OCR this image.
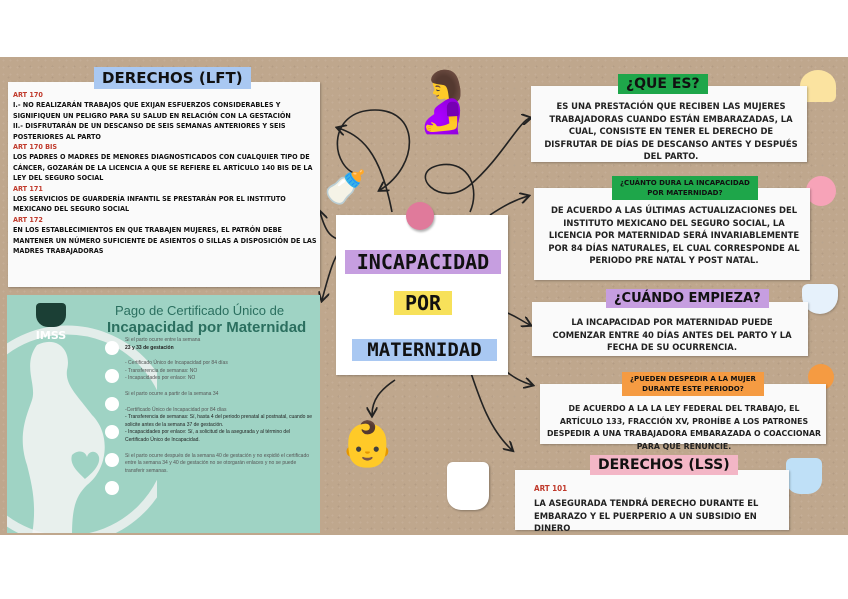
DERECHOS (LFT)

ART 170

I.- NO REALIZARÁN TRABAJOS QUE EXIJAN ESFUERZOS CONSIDERABLES Y SIGNIFIQUEN UN PELIGRO PARA SU SALUD EN RELACIÓN CON LA GESTACIÓN

II.- DISFRUTARÁN DE UN DESCANSO DE SEIS SEMANAS ANTERIORES Y SEIS POSTERIORES AL PARTO

ART 170 BIS

LOS PADRES O MADRES DE MENORES DIAGNOSTICADOS CON CUALQUIER TIPO DE CÁNCER, GOZARÁN DE LA LICENCIA A QUE SE REFIERE EL ARTÍCULO 140 BIS DE LA LEY DEL SEGURO SOCIAL

ART 171

LOS SERVICIOS DE GUARDERÍA INFANTIL SE PRESTARÁN POR EL INSTITUTO MEXICANO DEL SEGURO SOCIAL

ART 172

EN LOS ESTABLECIMIENTOS EN QUE TRABAJEN MUJERES, EL PATRÓN DEBE MANTENER UN NÚMERO SUFICIENTE DE ASIENTOS O SILLAS A DISPOSICIÓN DE LAS MADRES TRABAJADORAS

IMSS
Pago de Certificado Único de
Incapacidad por Maternidad
Si el parto ocurre entre la semana
23 y 33 de gestación
- Certificado Único de Incapacidad por 84 días
- Transferencia de semanas: NO
- Incapacidades por enlace: NO
Si el parto ocurre a partir de la semana 34
-Certificado Único de Incapacidad por 84 días
- Transferencia de semanas: Sí, hasta 4 del periodo prenatal al postnatal, cuando se solicite antes de la semana 37 de gestación.
- Incapacidades por enlace: Sí, a solicitud de la asegurada y al término del Certificado Único de Incapacidad.
Si el parto ocurre después de la semana 40 de gestación y no expidió el certificado entre la semana 34 y 40 de gestación no se otorgarán enlaces y no se puede transferir semanas.
INCAPACIDAD
POR
MATERNIDAD
🤰
🍼
👶
¿QUE ES?
ES UNA PRESTACIÓN QUE RECIBEN LAS MUJERES TRABAJADORAS CUANDO ESTÁN EMBARAZADAS, LA CUAL, CONSISTE EN TENER EL DERECHO DE DISFRUTAR DE DÍAS DE DESCANSO ANTES Y DESPUÉS DEL PARTO.
¿CUÁNTO DURA LA INCAPACIDAD
POR MATERNIDAD?
DE ACUERDO A LAS ÚLTIMAS ACTUALIZACIONES DEL INSTITUTO MEXICANO DEL SEGURO SOCIAL, LA LICENCIA POR MATERNIDAD SERÁ INVARIABLEMENTE POR 84 DÍAS NATURALES, EL CUAL CORRESPONDE AL PERIODO PRE NATAL Y POST NATAL.
¿CUÁNDO EMPIEZA?
LA INCAPACIDAD POR MATERNIDAD PUEDE COMENZAR ENTRE 40 DÍAS ANTES DEL PARTO Y LA FECHA DE SU OCURRENCIA.
¿PUEDEN DESPEDIR A LA MUJER
DURANTE ESTE PERIODO?
DE ACUERDO A LA LA LEY FEDERAL DEL TRABAJO, EL ARTÍCULO 133, FRACCIÓN XV, PROHÍBE A LOS PATRONES DESPEDIR A UNA TRABAJADORA EMBARAZADA O COACCIONAR PARA QUE RENUNCIE.
DERECHOS (LSS)
ART 101
LA ASEGURADA TENDRÁ DERECHO DURANTE EL EMBARAZO Y EL PUERPERIO A UN SUBSIDIO EN DINERO
